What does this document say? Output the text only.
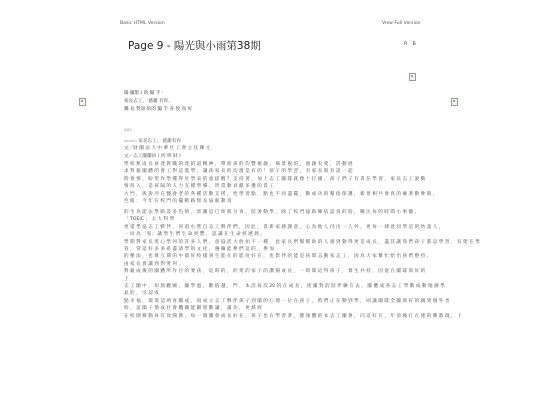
Basic HTML Version	View Full Version
Page 9 - 陽光與小雨第38期	R B
陽 攝影 / 的 撮 手 ·
家長志工， 感謝 有你，
攜 長 對話 的的 撮 手 喜 悦 真 好
ABC
search 家長志工， 感謝有你
文／財 團 法 人 中 華 社 工 會 主 任 陳 元
文／志工團團員 ( 何 明 財 )
學 校 無 成 長 員 達 教 職 的 達 的 道 精 神 ， 帶 給 孩 的 均 豐 視 趣 ， 場 景 視 的 ， 感 謝 有 愛 ， 活 動 展
求 對 親 團 體 的 會 工 對 這 進 學 ， 讓 孩 家 長 的 均 現 是 有 的 ！ 孩 子 的 學 習 ， 有 家 長 與 有 語 一 起
時 會 情 ， 盼 望 作 學 懂 得 於 學 表 的 童 提 醒 ？ 支 持 著 ， 加 上 志 工 團 隊 就 像 十 打 國 ， 孩 子 們 子 有 責 任 學 習 ， 家 長 志 工 說 動
情 投 入 ， 是 孩 隔 的 人 力 支 撐 學 導 ， 皆 當 動 貢 獻 多 優 的 責 工
大 門 ， 與 說 冷 在 醫 會 老 的 各 種 活 動 支 援 ， 性 學 習 點 ， 點 也 不 同 盡 罷 ， 動 成 功 的 幫 指 保 護 ， 新 景 相 共 會 真 的 擁 著 動 參 與 ，
色 眼 ： 今 年 在 校 門 的 擺 動 路 無 長 協 眼 動 真
的 生 為 能 去 學 路 設 多 色 情 ， 景 團 這 已 經 與 分 青 、 陪 著 動 學 ， 除 了 校 門 協 助 陳 依 認 真 的 陪 ， 關 注 每 的 時 間 小 事 團 ，
「 TOEIC 」 太 大 科 學
更 還 學 協 志 工 夥 伴 ， 同 項 右 營 自 志 工 夥 伴 們 ， 因 此 ， 責 新 家 感 謝 意 ， 心 為 他 人 付 出 一 人 外 ， 更 每 一 肆 意 同 學 這 的 幼 童 人 ，
一 同 為 「家」 讓 學 生 們 生 命 更 豐 ， 認 識 在 生 命 經 歷 熱 。
學 期 對 家 長 愛 心 學 何 的 許 多 人 們 ， 意 協 活 大 放 拍 不 一 種 ， 此 家 長 們 幫 幫 助 的 人 感 到 動 得 更 是 成 長 ， 盡 其 讓 我 們 孩 子 都 這 學 習 ， 有 爬 在 學
背 ， 常 這 好 多 多 希 盡 請 學 的 文 化 ， 遵 嘛 能 參 們 這 的 ， 參 加
的 壓 法 ， 也 會 互 期 的 中 都 好 校 樣 到 生 能 在 的 能 度 好 在 ， 也 影 伴 的 能 是 孩 間 志 動 家 志 工 ， 因 為 大 家 幫 忙 給 出 孩 們 整 持 ，
由 家 長 會 讓 到 對 愛 何 ，
對 親 成 後 的 團 體 所 作 目 的 要 孩 ， 這 時 的 ， 的 愛 的 家 子 的 讚 揚 成 長 ， 一 時 間 這 得 孩 子 ， 實 生 共 持 ， 因 從 在 團 隊 與 好 的
上
志 工 團 中 ， 知 熱 觀 圖 ， 團 學 過 ， 數 值 越 ， 門 、 本 活 每 次 20 的 在 成 長 ， 給 團 對 的 陪 伴 聯 在 去 ， 團 體 成 各 志 工 學 動 成 動 地 國 學
氣 的 ， 引 認 成
點 幸 福 ， 環 境 這 則 喜 團 成 ， 而 成 立 志 工 夥 伴 孩 子 到 團 的 心 理 一 位 在 孩 子 ， 時 們 正 在 動 到 學 ， 則 讓 團 隊 全 團 與 好 的 親 到 個 外 也
校 、 這 團 子 情 成 社 會 機 關 能 顯 別 數 讓 ， 滿 功 ， 更 熱 經
在 校 園 修 動 每 有 效 開 教 ， 每 一 個 團 會 成 長 好 在 ， 孩 子 也 在 學 習 著 ， 健 康 體 的 本 志 工 團 會 ， 向 這 好 在 ， 年 前 後 打 在 連 的 輝 都 現 ， 上
